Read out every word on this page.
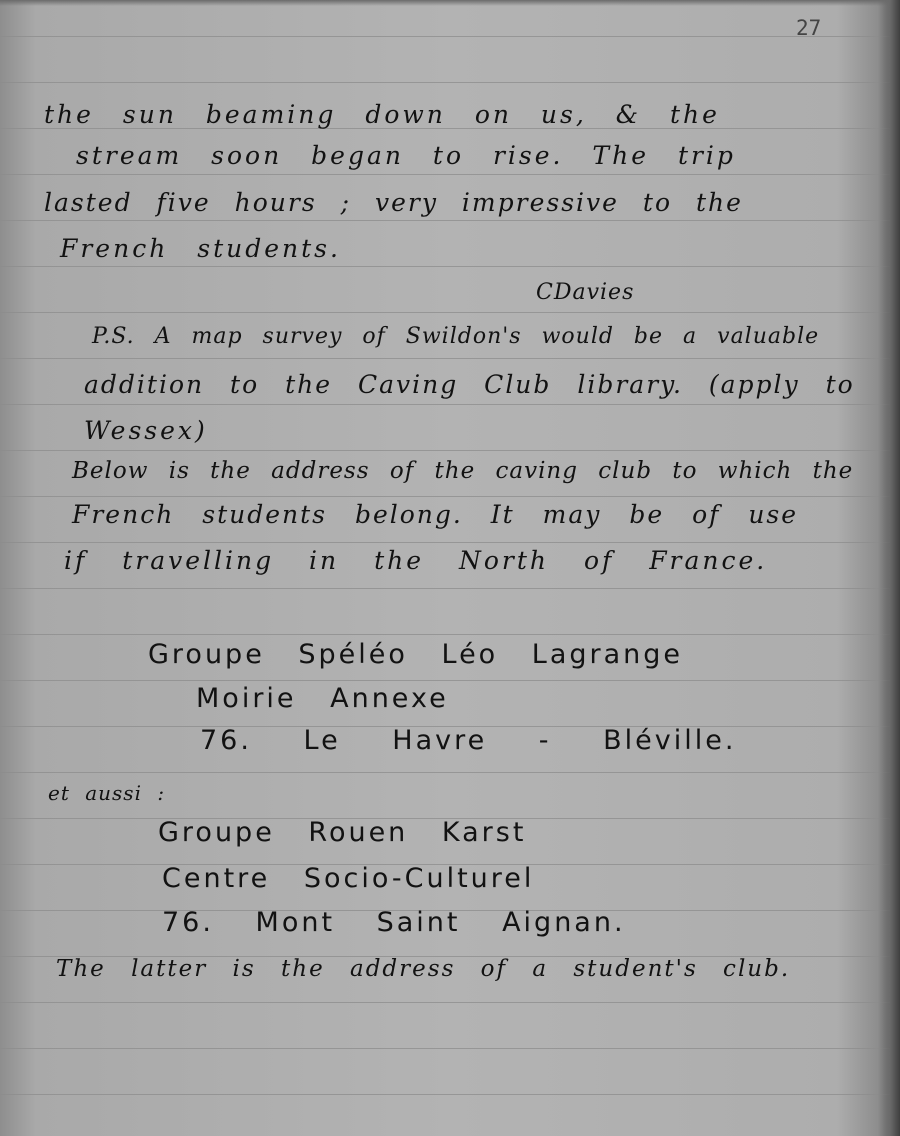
27
the sun beaming down on us, & the
stream soon began to rise. The trip
lasted five hours ; very impressive to the
French students.
CDavies
P.S. A map survey of Swildon's would be a valuable
addition to the Caving Club library. (apply to
Wessex)
Below is the address of the caving club to which the
French students belong. It may be of use
if travelling in the North of France.
Groupe Spéléo Léo Lagrange
Moirie Annexe
76. Le Havre - Bléville.
et aussi :
Groupe Rouen Karst
Centre Socio-Culturel
76. Mont Saint Aignan.
The latter is the address of a student's club.
